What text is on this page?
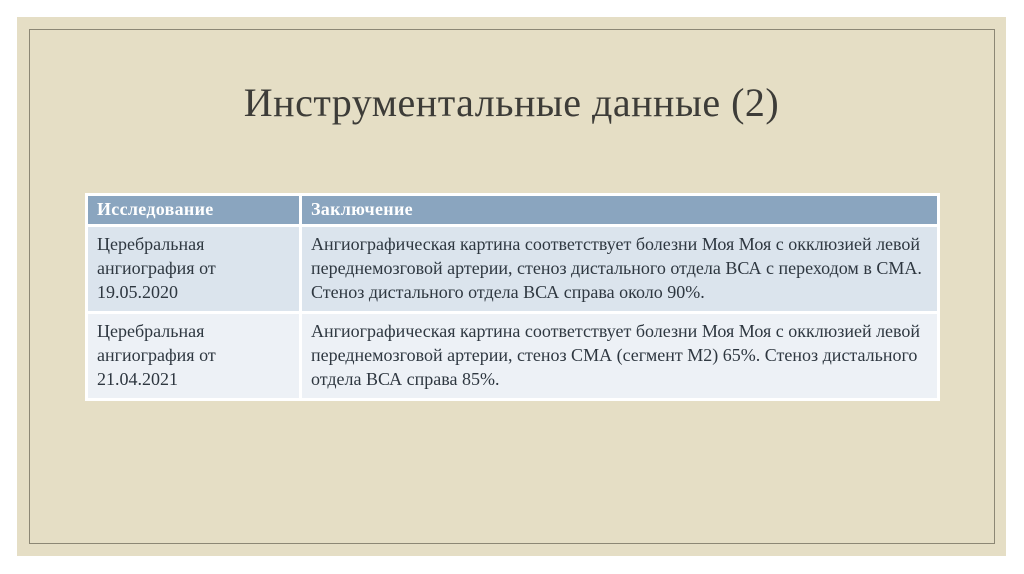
Инструментальные данные (2)
Исследование	Заключение
Церебральная ангиография от 19.05.2020	Ангиографическая картина соответствует болезни Моя Моя с окклюзией левой переднемозговой артерии, стеноз дистального отдела ВСА с переходом в СМА. Стеноз дистального отдела ВСА справа около 90%.
Церебральная ангиография от 21.04.2021	Ангиографическая картина соответствует болезни Моя Моя с окклюзией левой переднемозговой артерии, стеноз СМА (сегмент М2) 65%. Стеноз дистального отдела ВСА справа 85%.
